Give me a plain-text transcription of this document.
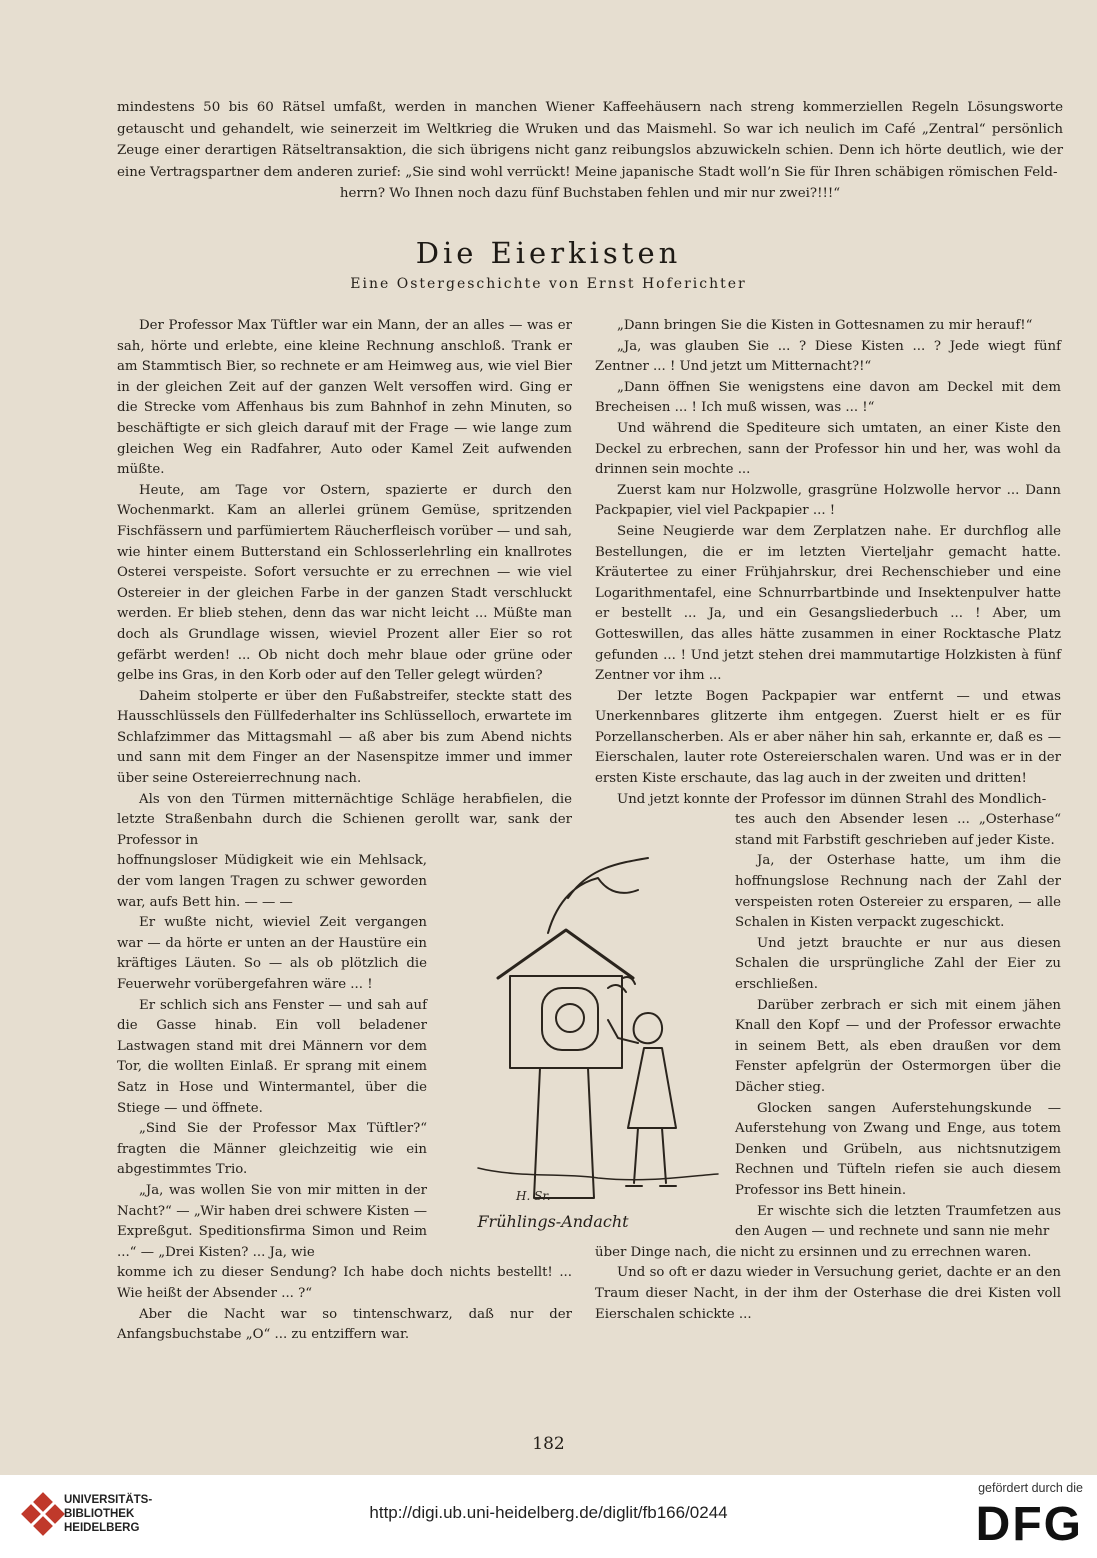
mindestens 50 bis 60 Rätsel umfaßt, werden in manchen Wiener Kaffeehäusern nach streng kommerziellen Regeln Lösungsworte getauscht und gehandelt, wie seinerzeit im Weltkrieg die Wruken und das Maismehl. So war ich neulich im Café „Zentral“ persönlich Zeuge einer derartigen Rätseltransaktion, die sich übrigens nicht ganz reibungslos abzuwickeln schien. Denn ich hörte deutlich, wie der eine Vertragspartner dem anderen zurief: „Sie sind wohl verrückt! Meine japanische Stadt woll’n Sie für Ihren schäbigen römischen Feld-
herrn? Wo Ihnen noch dazu fünf Buchstaben fehlen und mir nur zwei?!!!“
Die Eierkisten
Eine Ostergeschichte von Ernst Hoferichter

Der Professor Max Tüftler war ein Mann, der an alles — was er sah, hörte und erlebte, eine kleine Rechnung anschloß. Trank er am Stammtisch Bier, so rechnete er am Heimweg aus, wie viel Bier in der gleichen Zeit auf der ganzen Welt versoffen wird. Ging er die Strecke vom Affenhaus bis zum Bahnhof in zehn Minuten, so beschäftigte er sich gleich darauf mit der Frage — wie lange zum gleichen Weg ein Radfahrer, Auto oder Kamel Zeit aufwenden müßte.

Heute, am Tage vor Ostern, spazierte er durch den Wochenmarkt. Kam an allerlei grünem Gemüse, spritzenden Fischfässern und parfümiertem Räucherfleisch vorüber — und sah, wie hinter einem Butterstand ein Schlosserlehrling ein knallrotes Osterei verspeiste. Sofort versuchte er zu errechnen — wie viel Ostereier in der gleichen Farbe in der ganzen Stadt verschluckt werden. Er blieb stehen, denn das war nicht leicht ... Müßte man doch als Grundlage wissen, wieviel Prozent aller Eier so rot gefärbt werden! ... Ob nicht doch mehr blaue oder grüne oder gelbe ins Gras, in den Korb oder auf den Teller gelegt würden?

Daheim stolperte er über den Fußabstreifer, steckte statt des Hausschlüssels den Füllfederhalter ins Schlüsselloch, erwartete im Schlafzimmer das Mittagsmahl — aß aber bis zum Abend nichts und sann mit dem Finger an der Nasenspitze immer und immer über seine Ostereierrechnung nach.

Als von den Türmen mitternächtige Schläge herabfielen, die letzte Straßenbahn durch die Schienen gerollt war, sank der Professor in

hoffnungsloser Müdigkeit wie ein Mehlsack, der vom langen Tragen zu schwer geworden war, aufs Bett hin. — — —

Er wußte nicht, wieviel Zeit vergangen war — da hörte er unten an der Haustüre ein kräftiges Läuten. So — als ob plötzlich die Feuerwehr vorübergefahren wäre ... !

Er schlich sich ans Fenster — und sah auf die Gasse hinab. Ein voll beladener Lastwagen stand mit drei Männern vor dem Tor, die wollten Einlaß. Er sprang mit einem Satz in Hose und Wintermantel, über die Stiege — und öffnete.

„Sind Sie der Professor Max Tüftler?“ fragten die Männer gleichzeitig wie ein abgestimmtes Trio.

„Ja, was wollen Sie von mir mitten in der Nacht?“ — „Wir haben drei schwere Kisten — Expreßgut. Speditionsfirma Simon und Reim ...“ — „Drei Kisten? ... Ja, wie

komme ich zu dieser Sendung? Ich habe doch nichts bestellt! ... Wie heißt der Absender ... ?“

Aber die Nacht war so tintenschwarz, daß nur der Anfangsbuchstabe „O“ ... zu entziffern war.

„Dann bringen Sie die Kisten in Gottesnamen zu mir herauf!“

„Ja, was glauben Sie ... ? Diese Kisten ... ? Jede wiegt fünf Zentner ... ! Und jetzt um Mitternacht?!“

„Dann öffnen Sie wenigstens eine davon am Deckel mit dem Brecheisen ... ! Ich muß wissen, was ... !“

Und während die Spediteure sich umtaten, an einer Kiste den Deckel zu erbrechen, sann der Professor hin und her, was wohl da drinnen sein mochte ...

Zuerst kam nur Holzwolle, grasgrüne Holzwolle hervor ... Dann Packpapier, viel viel Packpapier ... !

Seine Neugierde war dem Zerplatzen nahe. Er durchflog alle Bestellungen, die er im letzten Vierteljahr gemacht hatte. Kräutertee zu einer Frühjahrskur, drei Rechenschieber und eine Logarithmentafel, eine Schnurrbartbinde und Insektenpulver hatte er bestellt ... Ja, und ein Gesangsliederbuch ... ! Aber, um Gotteswillen, das alles hätte zusammen in einer Rocktasche Platz gefunden ... ! Und jetzt stehen drei mammutartige Holzkisten à fünf Zentner vor ihm ...

Der letzte Bogen Packpapier war entfernt — und etwas Unerkennbares glitzerte ihm entgegen. Zuerst hielt er es für Porzellanscherben. Als er aber näher hin sah, erkannte er, daß es — Eierschalen, lauter rote Ostereierschalen waren. Und was er in der ersten Kiste erschaute, das lag auch in der zweiten und dritten!

Und jetzt konnte der Professor im dünnen Strahl des Mondlich-

tes auch den Absender lesen ... „Osterhase“ stand mit Farbstift geschrieben auf jeder Kiste.

Ja, der Osterhase hatte, um ihm die hoffnungslose Rechnung nach der Zahl der verspeisten roten Ostereier zu ersparen, — alle Schalen in Kisten verpackt zugeschickt.

Und jetzt brauchte er nur aus diesen Schalen die ursprüngliche Zahl der Eier zu erschließen.

Darüber zerbrach er sich mit einem jähen Knall den Kopf — und der Professor erwachte in seinem Bett, als eben draußen vor dem Fenster apfelgrün der Ostermorgen über die Dächer stieg.

Glocken sangen Auferstehungskunde — Auferstehung von Zwang und Enge, aus totem Denken und Grübeln, aus nichtsnutzigem Rechnen und Tüfteln riefen sie auch diesem Professor ins Bett hinein.

Er wischte sich die letzten Traumfetzen aus den Augen — und rechnete und sann nie mehr

über Dinge nach, die nicht zu ersinnen und zu errechnen waren.

Und so oft er dazu wieder in Versuchung geriet, dachte er an den Traum dieser Nacht, in der ihm der Osterhase die drei Kisten voll Eierschalen schickte ...

H. Sr.
Frühlings-Andacht
182
UNIVERSITÄTS-
BIBLIOTHEK
HEIDELBERG
http://digi.ub.uni-heidelberg.de/diglit/fb166/0244
gefördert durch die
DFG
